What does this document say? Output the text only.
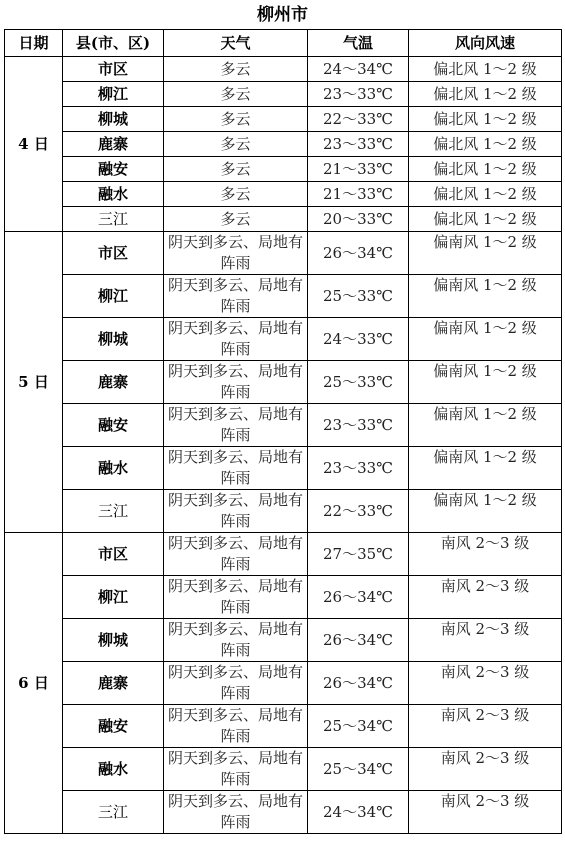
柳州市
日期	县(市、区)	天气	气温	风向风速
4 日	市区	多云	24～34℃	偏北风 1～2 级
	柳江	多云	23～33℃	偏北风 1～2 级
	柳城	多云	22～33℃	偏北风 1～2 级
	鹿寨	多云	23～33℃	偏北风 1～2 级
	融安	多云	21～33℃	偏北风 1～2 级
	融水	多云	21～33℃	偏北风 1～2 级
	三江	多云	20～33℃	偏北风 1～2 级
5 日	市区	阴天到多云、局地有阵雨	26～34℃	偏南风 1～2 级
	柳江	阴天到多云、局地有阵雨	25～33℃	偏南风 1～2 级
	柳城	阴天到多云、局地有阵雨	24～33℃	偏南风 1～2 级
	鹿寨	阴天到多云、局地有阵雨	25～33℃	偏南风 1～2 级
	融安	阴天到多云、局地有阵雨	23～33℃	偏南风 1～2 级
	融水	阴天到多云、局地有阵雨	23～33℃	偏南风 1～2 级
	三江	阴天到多云、局地有阵雨	22～33℃	偏南风 1～2 级
6 日	市区	阴天到多云、局地有阵雨	27～35℃	南风 2～3 级
	柳江	阴天到多云、局地有阵雨	26～34℃	南风 2～3 级
	柳城	阴天到多云、局地有阵雨	26～34℃	南风 2～3 级
	鹿寨	阴天到多云、局地有阵雨	26～34℃	南风 2～3 级
	融安	阴天到多云、局地有阵雨	25～34℃	南风 2～3 级
	融水	阴天到多云、局地有阵雨	25～34℃	南风 2～3 级
	三江	阴天到多云、局地有阵雨	24～34℃	南风 2～3 级
